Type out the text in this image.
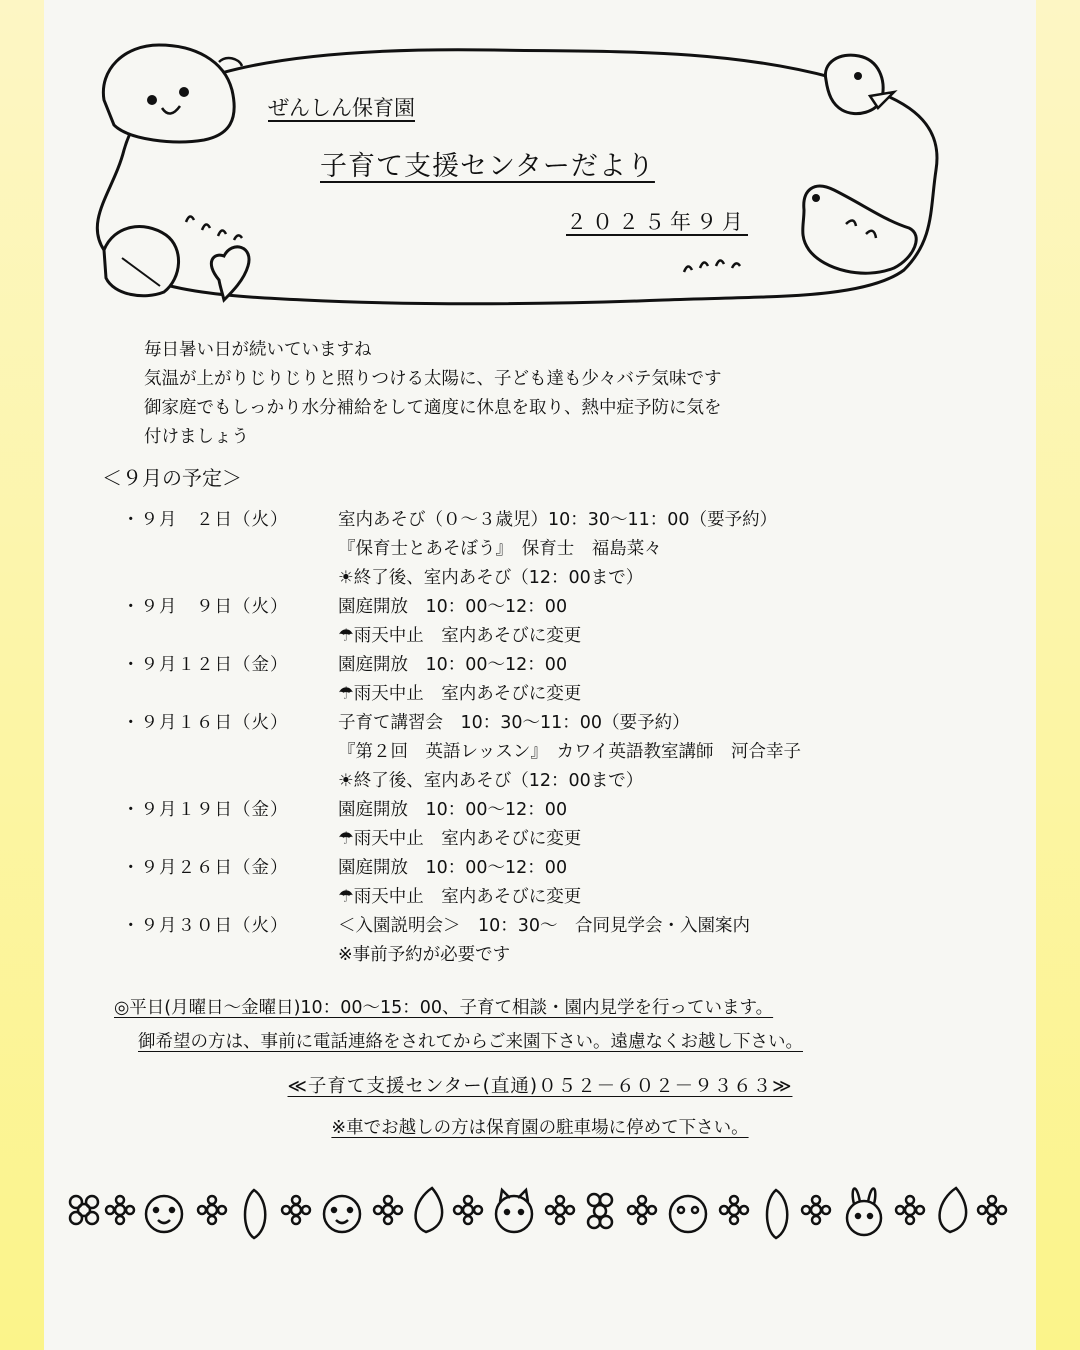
ぜんしん保育園
子育て支援センターだより
２０２５年９月
毎日暑い日が続いていますね
気温が上がりじりじりと照りつける太陽に、子ども達も少々バテ気味です
御家庭でもしっかり水分補給をして適度に休息を取り、熱中症予防に気を
付けましょう
＜９月の予定＞
・９月　２日（火）	室内あそび（０～３歳児）10：30～11：00（要予約）
『保育士とあそぼう』　保育士　福島菜々
☀終了後、室内あそび（12：00まで）
・９月　９日（火）	園庭開放　10：00～12：00
☂雨天中止　室内あそびに変更
・９月１２日（金）	園庭開放　10：00～12：00
☂雨天中止　室内あそびに変更
・９月１６日（火）	子育て講習会　10：30～11：00（要予約）
『第２回　英語レッスン』　カワイ英語教室講師　河合幸子
☀終了後、室内あそび（12：00まで）
・９月１９日（金）	園庭開放　10：00～12：00
☂雨天中止　室内あそびに変更
・９月２６日（金）	園庭開放　10：00～12：00
☂雨天中止　室内あそびに変更
・９月３０日（火）	＜入園説明会＞　10：30～　合同見学会・入園案内
※事前予約が必要です
◎平日(月曜日～金曜日)10：00～15：00、子育て相談・園内見学を行っています。
御希望の方は、事前に電話連絡をされてからご来園下さい。遠慮なくお越し下さい。
≪子育て支援センター(直通)０５２－６０２－９３６３≫
※車でお越しの方は保育園の駐車場に停めて下さい。
